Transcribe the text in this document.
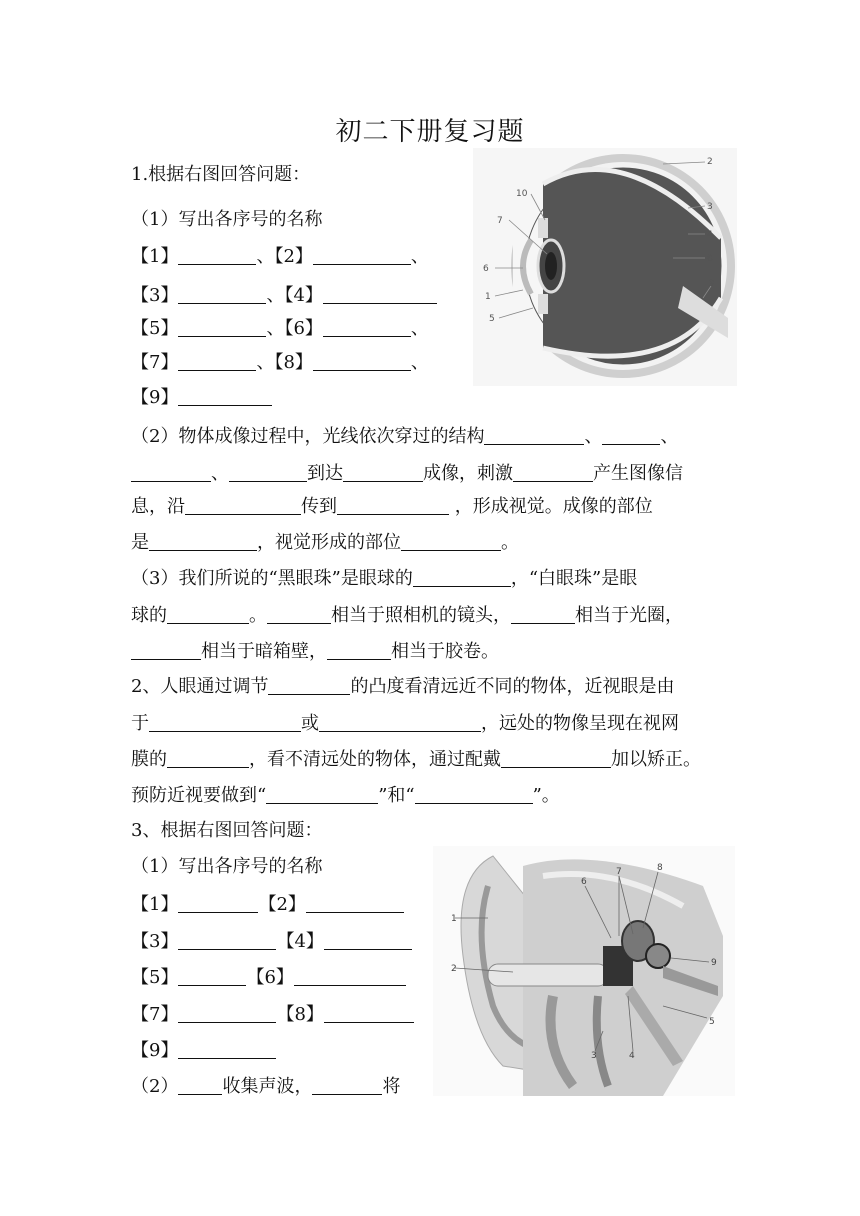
初二下册复习题
1.根据右图回答问题：
（1）写出各序号的名称
【1】	、【2】	、
【3】	、【4】
【5】	、【6】	、
【7】	、【8】	、
【9】
（2）物体成像过程中，光线依次穿过的结构	、	、
、	到达	成像，刺激	产生图像信
息，沿	传到	，形成视觉。成像的部位
是	，视觉形成的部位	。
（3）我们所说的“黑眼珠”是眼球的	，“白眼珠”是眼
球的	。	相当于照相机的镜头，	相当于光圈，
相当于暗箱壁，	相当于胶卷。
2、人眼通过调节	的凸度看清远近不同的物体，近视眼是由
于	或	，远处的物像呈现在视网
膜的	，看不清远处的物体，通过配戴	加以矫正。
预防近视要做到“	”和“	”。
3、根据右图回答问题：
（1）写出各序号的名称
【1】	【2】
【3】	【4】
【5】	【6】
【7】	【8】
【9】
（2） 收集声波，	将
2
3
4
8
9
10
7
6
1
5
1
2
3	4
5
6
7	8
9
